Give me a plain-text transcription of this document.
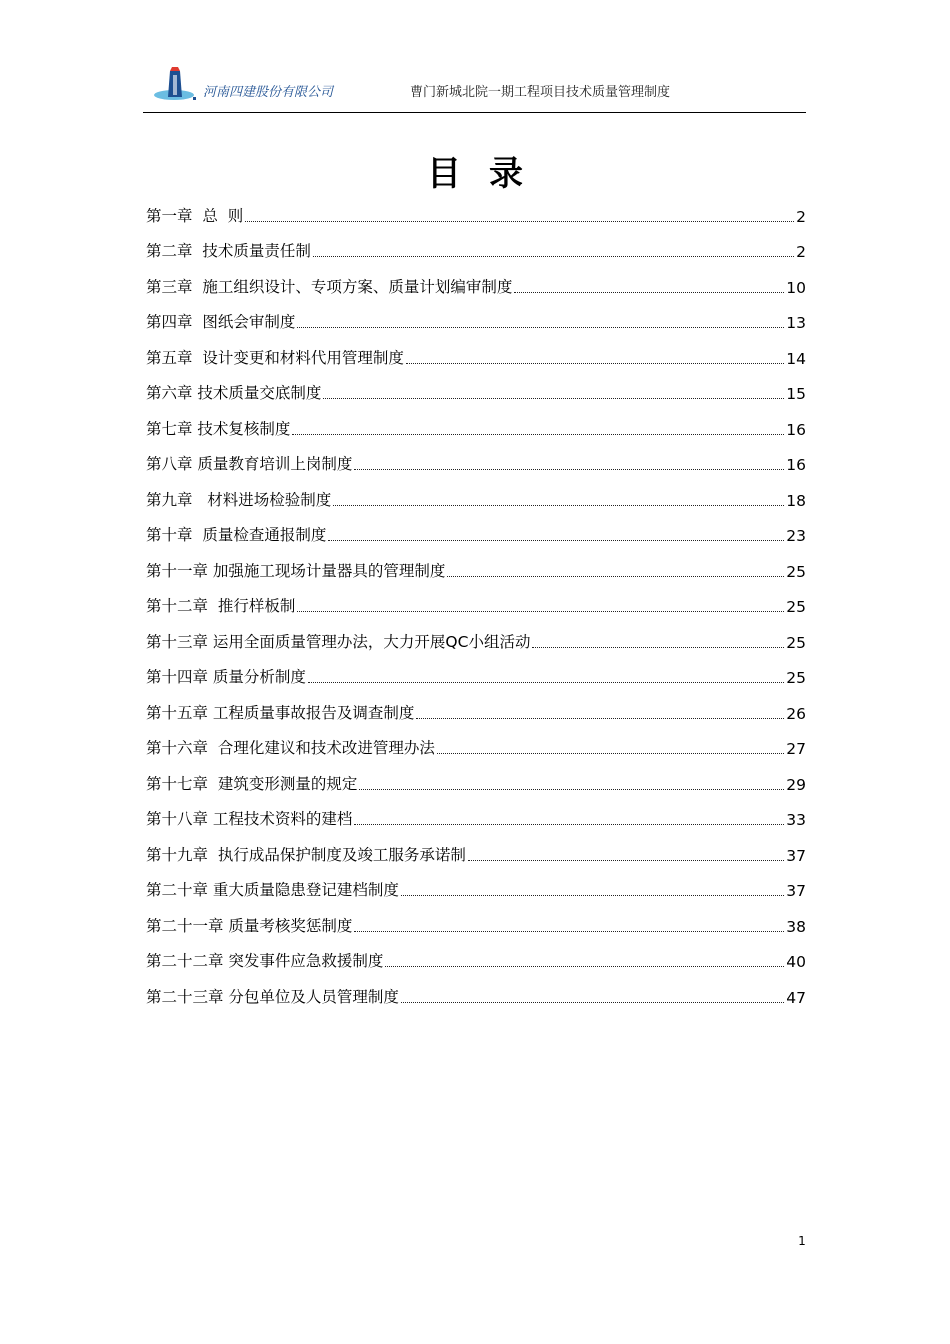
河南四建股份有限公司	曹门新城北院一期工程项目技术质量管理制度
目录
第一章  总  则	2
第二章  技术质量责任制	2
第三章  施工组织设计、专项方案、质量计划编审制度	10
第四章  图纸会审制度	13
第五章  设计变更和材料代用管理制度	14
第六章 技术质量交底制度	15
第七章 技术复核制度	16
第八章 质量教育培训上岗制度	16
第九章   材料进场检验制度	18
第十章  质量检查通报制度	23
第十一章 加强施工现场计量器具的管理制度	25
第十二章  推行样板制	25
第十三章 运用全面质量管理办法，大力开展QC小组活动	25
第十四章 质量分析制度	25
第十五章 工程质量事故报告及调查制度	26
第十六章  合理化建议和技术改进管理办法	27
第十七章  建筑变形测量的规定	29
第十八章 工程技术资料的建档	33
第十九章  执行成品保护制度及竣工服务承诺制	37
第二十章 重大质量隐患登记建档制度	37
第二十一章 质量考核奖惩制度	38
第二十二章 突发事件应急救援制度	40
第二十三章 分包单位及人员管理制度	47
1
